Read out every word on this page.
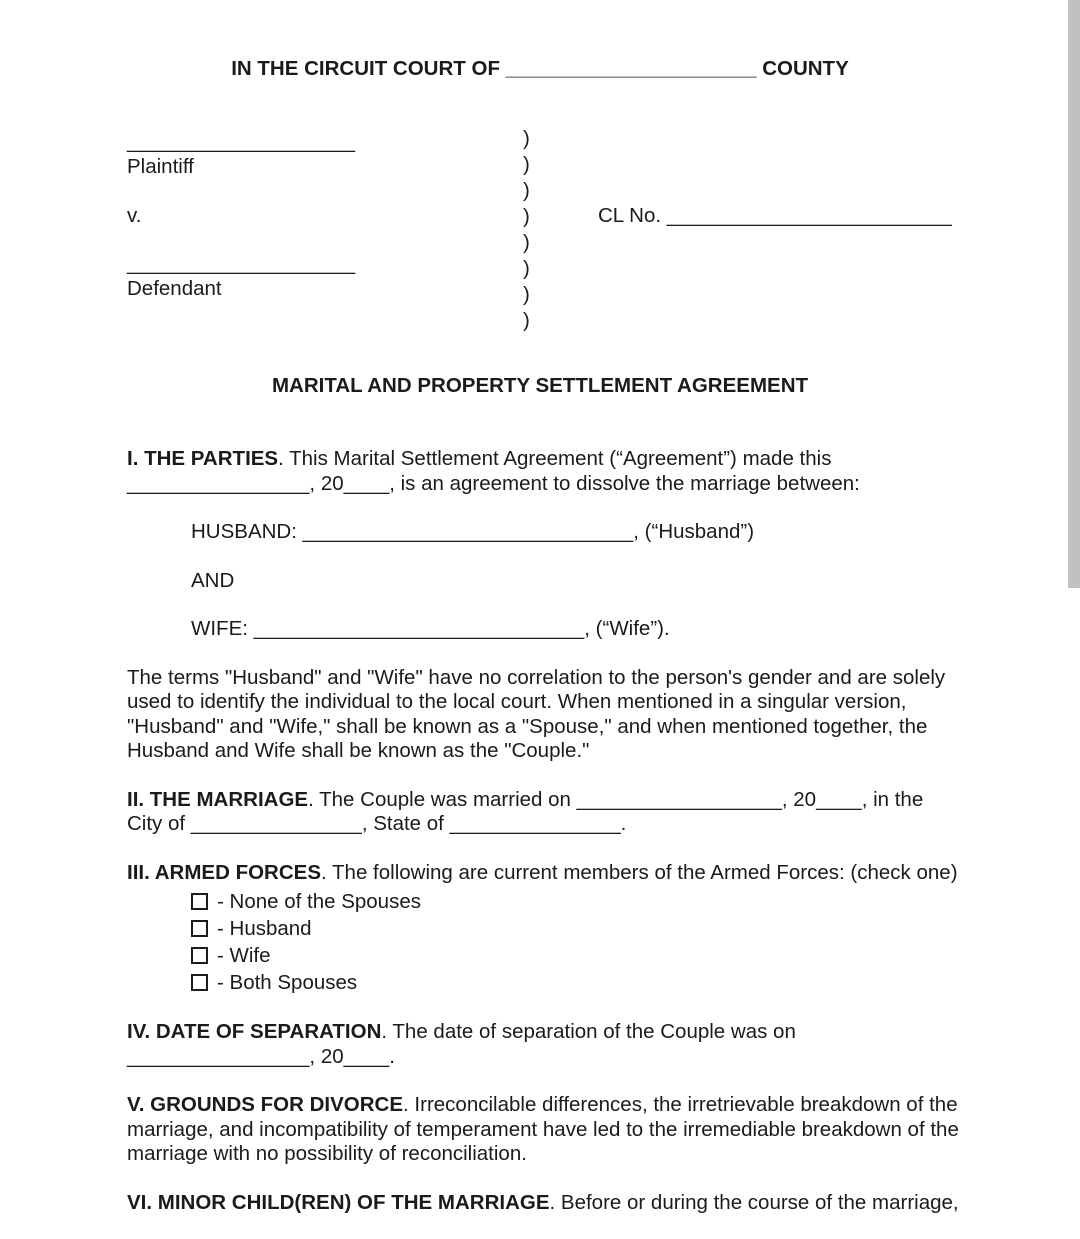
IN THE CIRCUIT COURT OF ______________________ COUNTY
____________________
Plaintiff
v.
____________________
Defendant
)
)
)
)
)
)
)
)
CL No. _________________________
MARITAL AND PROPERTY SETTLEMENT AGREEMENT

I. THE PARTIES. This Marital Settlement Agreement (“Agreement”) made this ________________, 20____, is an agreement to dissolve the marriage between:

HUSBAND: _____________________________, (“Husband”)
AND
WIFE: _____________________________, (“Wife”).

The terms "Husband" and "Wife" have no correlation to the person's gender and are solely used to identify the individual to the local court. When mentioned in a singular version, "Husband" and "Wife," shall be known as a "Spouse," and when mentioned together, the Husband and Wife shall be known as the "Couple."

II. THE MARRIAGE. The Couple was married on __________________, 20____, in the City of _______________, State of _______________.

III. ARMED FORCES. The following are current members of the Armed Forces: (check one)

- None of the Spouses
- Husband
- Wife
- Both Spouses

IV. DATE OF SEPARATION. The date of separation of the Couple was on ________________, 20____.

V. GROUNDS FOR DIVORCE. Irreconcilable differences, the irretrievable breakdown of the marriage, and incompatibility of temperament have led to the irremediable breakdown of the marriage with no possibility of reconciliation.

VI. MINOR CHILD(REN) OF THE MARRIAGE. Before or during the course of the marriage,
